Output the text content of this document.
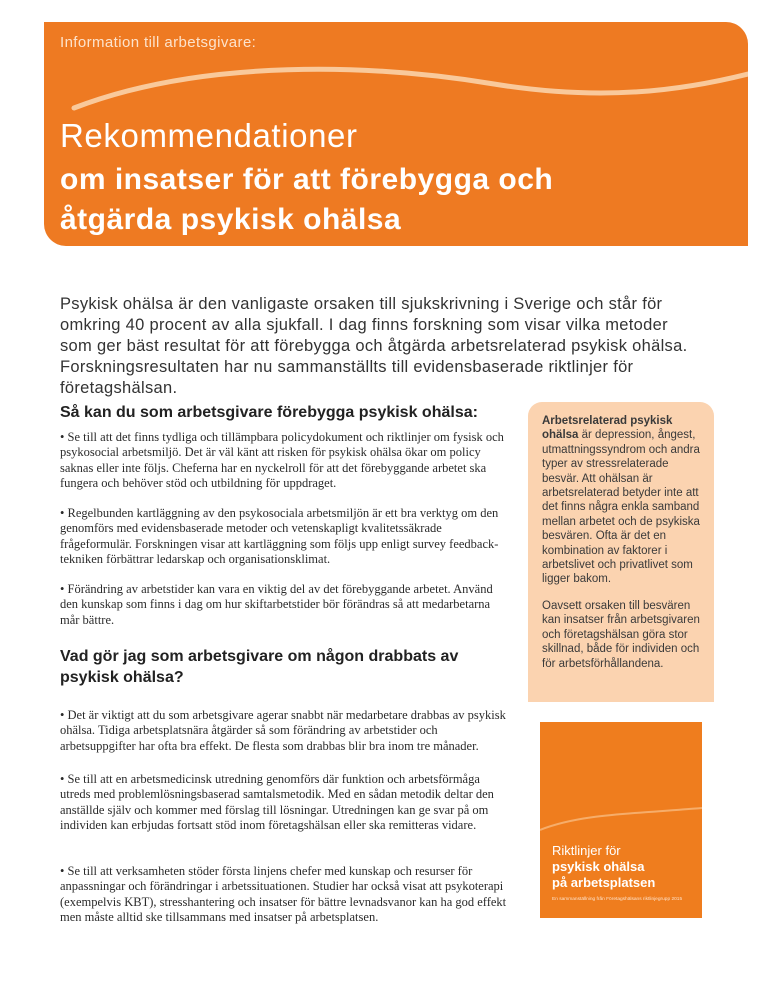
Information till arbetsgivare:
Rekommendationer
om insatser för att förebygga och åtgärda psykisk ohälsa

Psykisk ohälsa är den vanligaste orsaken till sjukskrivning i Sverige och står för omkring 40 procent av alla sjukfall. I dag finns forskning som visar vilka metoder som ger bäst resultat för att förebygga och åtgärda arbetsrelaterad psykisk ohälsa. Forskningsresultaten har nu sammanställts till evidensbaserade riktlinjer för företagshälsan.

Så kan du som arbetsgivare förebygga psykisk ohälsa:

• Se till att det finns tydliga och tillämpbara policydokument och riktlinjer om fysisk och psykosocial arbetsmiljö. Det är väl känt att risken för psykisk ohälsa ökar om policy saknas eller inte följs. Cheferna har en nyckelroll för att det förebyggande arbetet ska fungera och behöver stöd och utbildning för uppdraget.

• Regelbunden kartläggning av den psykosociala arbetsmiljön är ett bra verktyg om den genomförs med evidensbaserade metoder och vetenskapligt kvalitetssäkrade frågeformulär. Forskningen visar att kartläggning som följs upp enligt survey feedback-tekniken förbättrar ledarskap och organisationsklimat.

• Förändring av arbetstider kan vara en viktig del av det förebyggande arbetet. Använd den kunskap som finns i dag om hur skiftarbetstider bör förändras så att medarbetarna mår bättre.

Vad gör jag som arbetsgivare om någon drabbats av psykisk ohälsa?

• Det är viktigt att du som arbetsgivare agerar snabbt när medarbetare drabbas av psykisk ohälsa. Tidiga arbetsplatsnära åtgärder så som förändring av arbetstider och arbetsuppgifter har ofta bra effekt. De flesta som drabbas blir bra inom tre månader.

• Se till att en arbetsmedicinsk utredning genomförs där funktion och arbetsförmåga utreds med problemlösningsbaserad samtalsmetodik. Med en sådan metodik deltar den anställde själv och kommer med förslag till lösningar. Utredningen kan ge svar på om individen kan erbjudas fortsatt stöd inom företagshälsan eller ska remitteras vidare.

• Se till att verksamheten stöder första linjens chefer med kunskap och resurser för anpassningar och förändringar i arbetssituationen. Studier har också visat att psykoterapi (exempelvis KBT), stresshantering och insatser för bättre levnadsvanor kan ha god effekt men måste alltid ske tillsammans med insatser på arbetsplatsen.

Arbetsrelaterad psykisk ohälsa är depression, ångest, utmattningssyndrom och andra typer av stressrelaterade besvär. Att ohälsan är arbetsrelaterad betyder inte att det finns några enkla samband mellan arbetet och de psykiska besvären. Ofta är det en kombination av faktorer i arbetslivet och privatlivet som ligger bakom.

Oavsett orsaken till besvären kan insatser från arbetsgivaren och företagshälsan göra stor skillnad, både för individen och för arbetsförhållandena.

Riktlinjer för
psykisk ohälsa
på arbetsplatsen
En sammanställning från Företagshälsans riktlinjegrupp 2015
